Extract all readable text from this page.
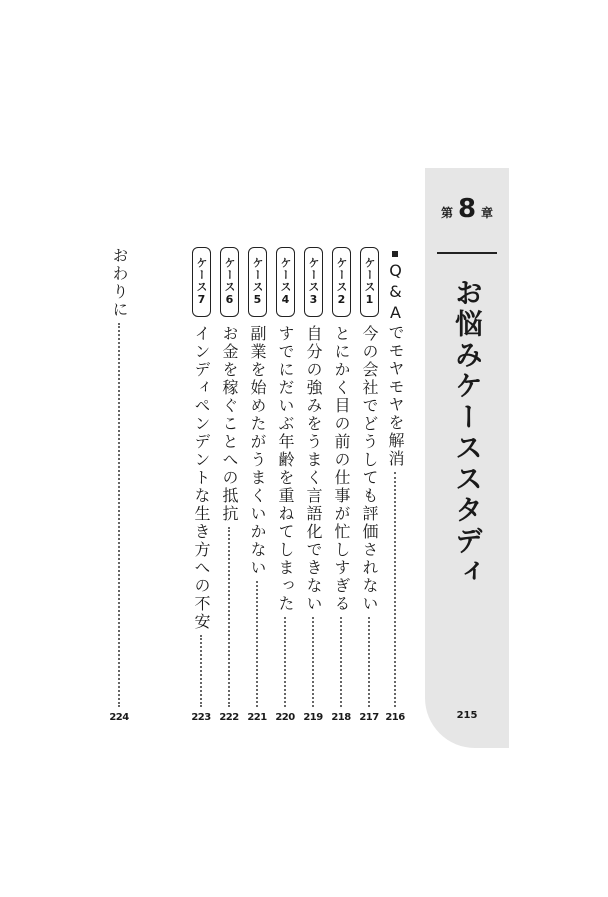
第 8 章
お悩みケーススタディ
215
Q&Aでモヤモヤを解消
216
ケース1
今の会社でどうしても評価されない
217
ケース2
とにかく目の前の仕事が忙しすぎる
218
ケース3
自分の強みをうまく言語化できない
219
ケース4
すでにだいぶ年齢を重ねてしまった
220
ケース5
副業を始めたがうまくいかない
221
ケース6
お金を稼ぐことへの抵抗
222
ケース7
インディペンデントな生き方への不安
223
おわりに
224
